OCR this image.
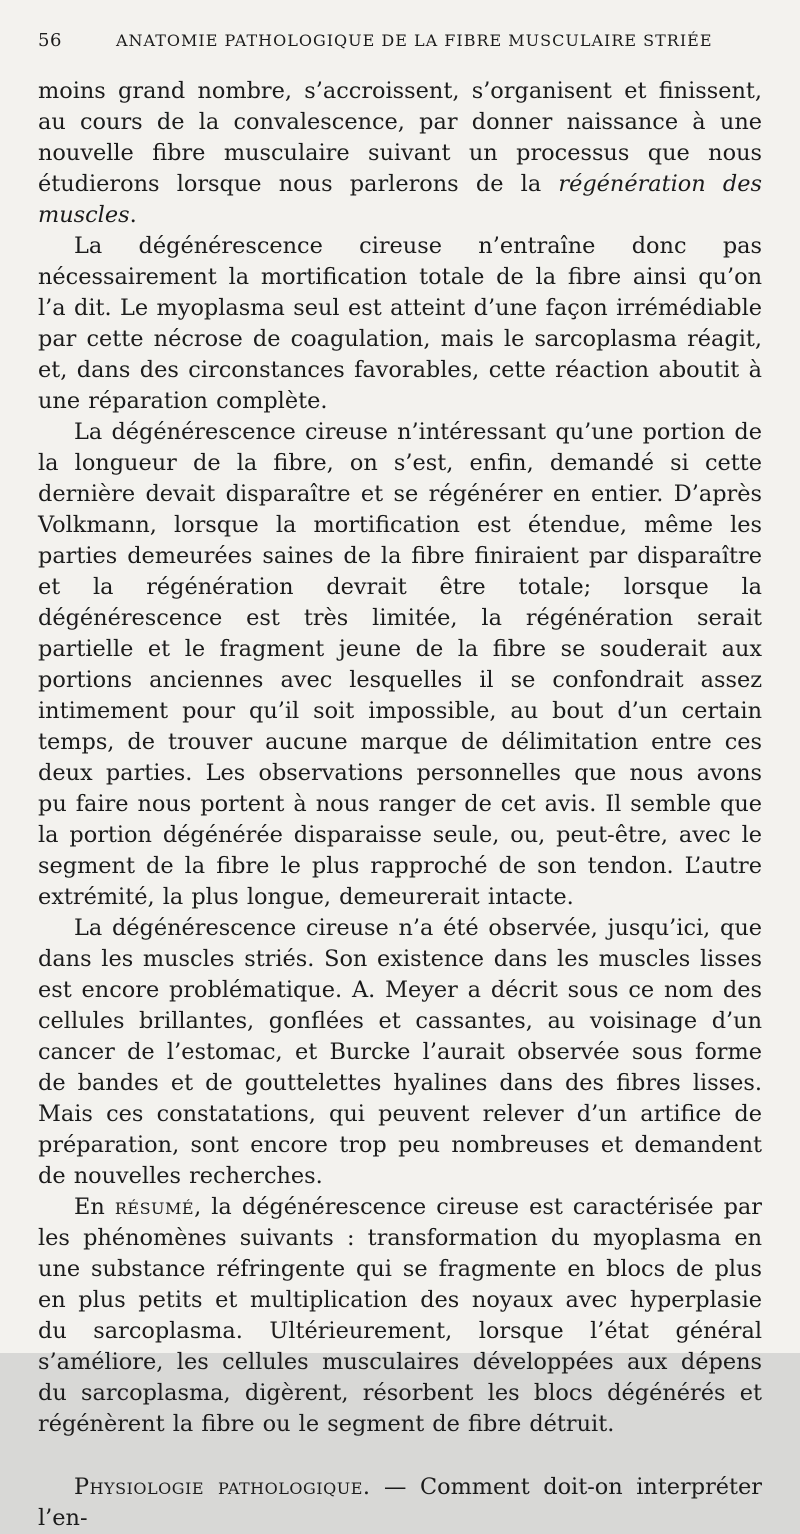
56	ANATOMIE PATHOLOGIQUE DE LA FIBRE MUSCULAIRE STRIÉE

moins grand nombre, s’accroissent, s’organisent et finissent, au cours de la convalescence, par donner naissance à une nouvelle fibre musculaire suivant un processus que nous étudierons lorsque nous parlerons de la régénération des muscles.

La dégénérescence cireuse n’entraîne donc pas nécessairement la mortification totale de la fibre ainsi qu’on l’a dit. Le myoplasma seul est atteint d’une façon irrémédiable par cette nécrose de coagulation, mais le sarcoplasma réagit, et, dans des circonstances favorables, cette réaction aboutit à une réparation complète.

La dégénérescence cireuse n’intéressant qu’une portion de la longueur de la fibre, on s’est, enfin, demandé si cette dernière devait disparaître et se régénérer en entier. D’après Volkmann, lorsque la mortification est étendue, même les parties demeurées saines de la fibre finiraient par disparaître et la régénération devrait être totale; lorsque la dégénérescence est très limitée, la régénération serait partielle et le fragment jeune de la fibre se souderait aux portions anciennes avec lesquelles il se confondrait assez intimement pour qu’il soit impossible, au bout d’un certain temps, de trouver aucune marque de délimitation entre ces deux parties. Les observations personnelles que nous avons pu faire nous portent à nous ranger de cet avis. Il semble que la portion dégénérée disparaisse seule, ou, peut-être, avec le segment de la fibre le plus rapproché de son tendon. L’autre extrémité, la plus longue, demeurerait intacte.

La dégénérescence cireuse n’a été observée, jusqu’ici, que dans les muscles striés. Son existence dans les muscles lisses est encore problématique. A. Meyer a décrit sous ce nom des cellules brillantes, gonflées et cassantes, au voisinage d’un cancer de l’estomac, et Burcke l’aurait observée sous forme de bandes et de gouttelettes hyalines dans des fibres lisses. Mais ces constatations, qui peuvent relever d’un artifice de préparation, sont encore trop peu nombreuses et demandent de nouvelles recherches.

En résumé, la dégénérescence cireuse est caractérisée par les phénomènes suivants : transformation du myoplasma en une substance réfringente qui se fragmente en blocs de plus en plus petits et multiplication des noyaux avec hyperplasie du sarcoplasma. Ultérieurement, lorsque l’état général s’améliore, les cellules musculaires développées aux dépens du sarcoplasma, digèrent, résorbent les blocs dégénérés et régénèrent la fibre ou le segment de fibre détruit.

Physiologie pathologique. — Comment doit-on interpréter l’en-
